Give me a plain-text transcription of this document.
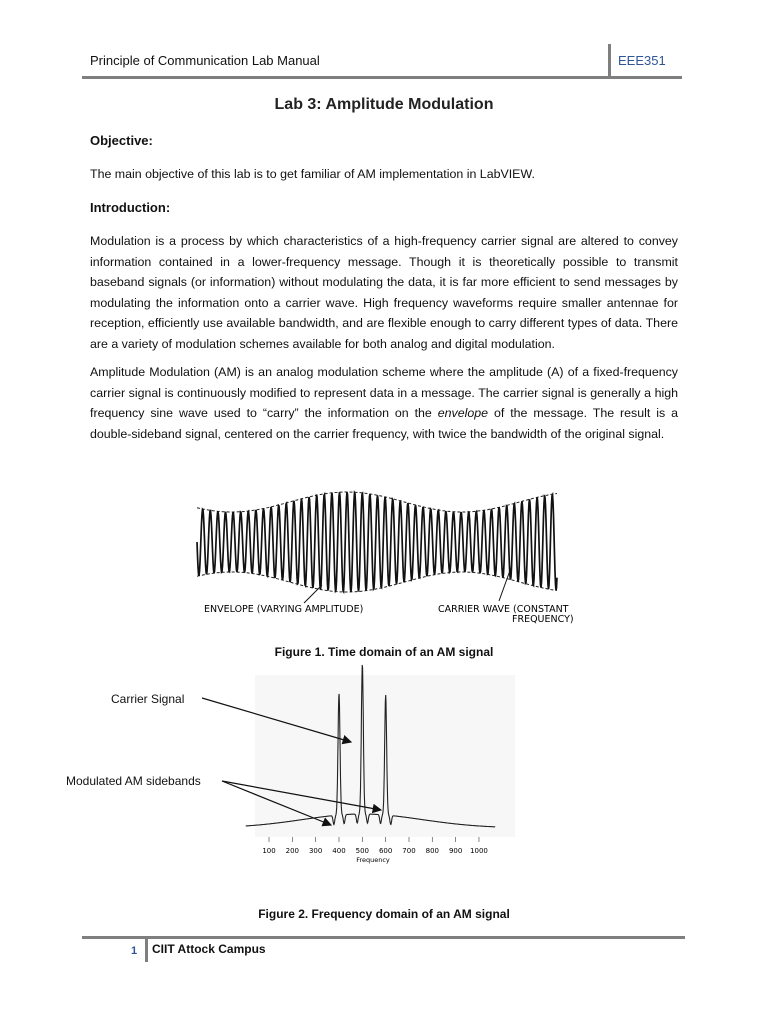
Principle of Communication Lab Manual	EEE351
Lab 3: Amplitude Modulation
Objective:

The main objective of this lab is to get familiar of AM implementation in LabVIEW.

Introduction:

Modulation is a process by which characteristics of a high-frequency carrier signal are altered to convey information contained in a lower-frequency message. Though it is theoretically possible to transmit baseband signals (or information) without modulating the data, it is far more efficient to send messages by modulating the information onto a carrier wave. High frequency waveforms require smaller antennae for reception, efficiently use available bandwidth, and are flexible enough to carry different types of data. There are a variety of modulation schemes available for both analog and digital modulation.

Amplitude Modulation (AM) is an analog modulation scheme where the amplitude (A) of a fixed-frequency carrier signal is continuously modified to represent data in a message. The carrier signal is generally a high frequency sine wave used to “carry” the information on the envelope of the message. The result is a double-sideband signal, centered on the carrier frequency, with twice the bandwidth of the original signal.

ENVELOPE (VARYING AMPLITUDE)	CARRIER WAVE (CONSTANT
FREQUENCY)
Figure 1. Time domain of an AM signal
100 200 300 400 500 600 700 800 900 1000
Frequency
Carrier Signal
Modulated AM sidebands
Figure 2. Frequency domain of an AM signal
1 CIIT Attock Campus
